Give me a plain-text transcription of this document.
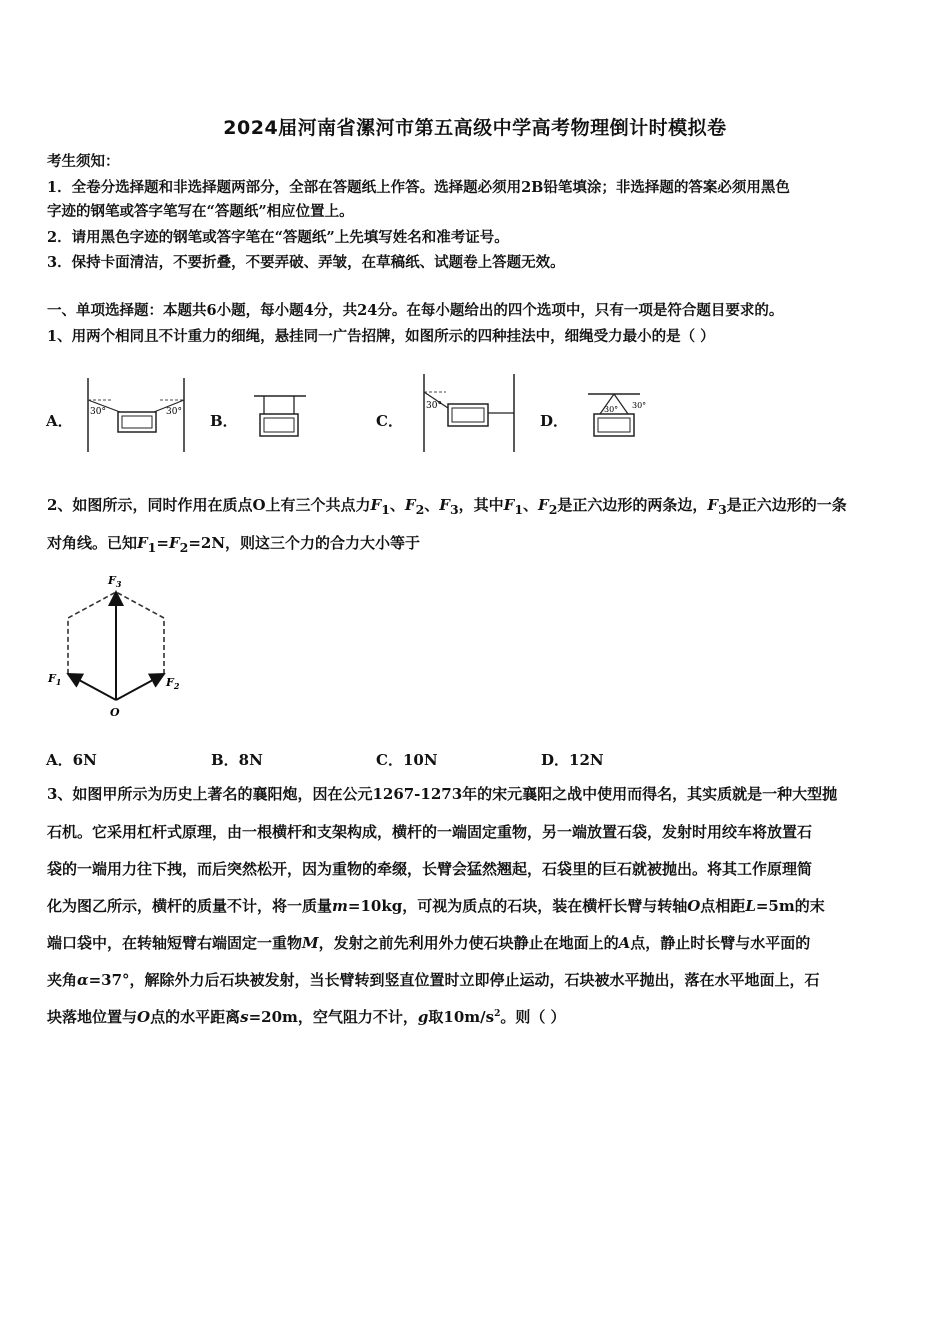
2024届河南省漯河市第五高级中学高考物理倒计时模拟卷
考生须知：
1．全卷分选择题和非选择题两部分，全部在答题纸上作答。选择题必须用2B铅笔填涂；非选择题的答案必须用黑色
字迹的钢笔或答字笔写在“答题纸”相应位置上。
2．请用黑色字迹的钢笔或答字笔在“答题纸”上先填写姓名和准考证号。
3．保持卡面清洁，不要折叠，不要弄破、弄皱，在草稿纸、试题卷上答题无效。
一、单项选择题：本题共6小题，每小题4分，共24分。在每小题给出的四个选项中，只有一项是符合题目要求的。
1、用两个相同且不计重力的细绳，悬挂同一广告招牌，如图所示的四种挂法中，细绳受力最小的是（ ）
A．	B．	C．	D．
30°	30°
30°	30° 30°
2、如图所示，同时作用在质点O上有三个共点力$F_1$、$F_2$、$F_3$，其中$F_1$、$F_2$是正六边形的两条边，$F_3$是正六边形的一条
对角线。已知$F_1=F_2=2N$，则这三个力的合力大小等于
$F_3$
$F_1$	$F_2$
O
A．6N	B．8N	C．10N	D．12N
3、如图甲所示为历史上著名的襄阳炮，因在公元1267-1273年的宋元襄阳之战中使用而得名，其实质就是一种大型抛
石机。它采用杠杆式原理，由一根横杆和支架构成，横杆的一端固定重物，另一端放置石袋，发射时用绞车将放置石
袋的一端用力往下拽，而后突然松开，因为重物的牵缀，长臂会猛然翘起，石袋里的巨石就被抛出。将其工作原理简
化为图乙所示，横杆的质量不计，将一质量m=10kg，可视为质点的石块，装在横杆长臂与转轴O点相距L=5m的末
端口袋中，在转轴短臂右端固定一重物M，发射之前先利用外力使石块静止在地面上的A点，静止时长臂与水平面的
夹角α=37°，解除外力后石块被发射，当长臂转到竖直位置时立即停止运动，石块被水平抛出，落在水平地面上，石
块落地位置与O点的水平距离s=20m，空气阻力不计，g取$10m/s^2$。则（ ）
